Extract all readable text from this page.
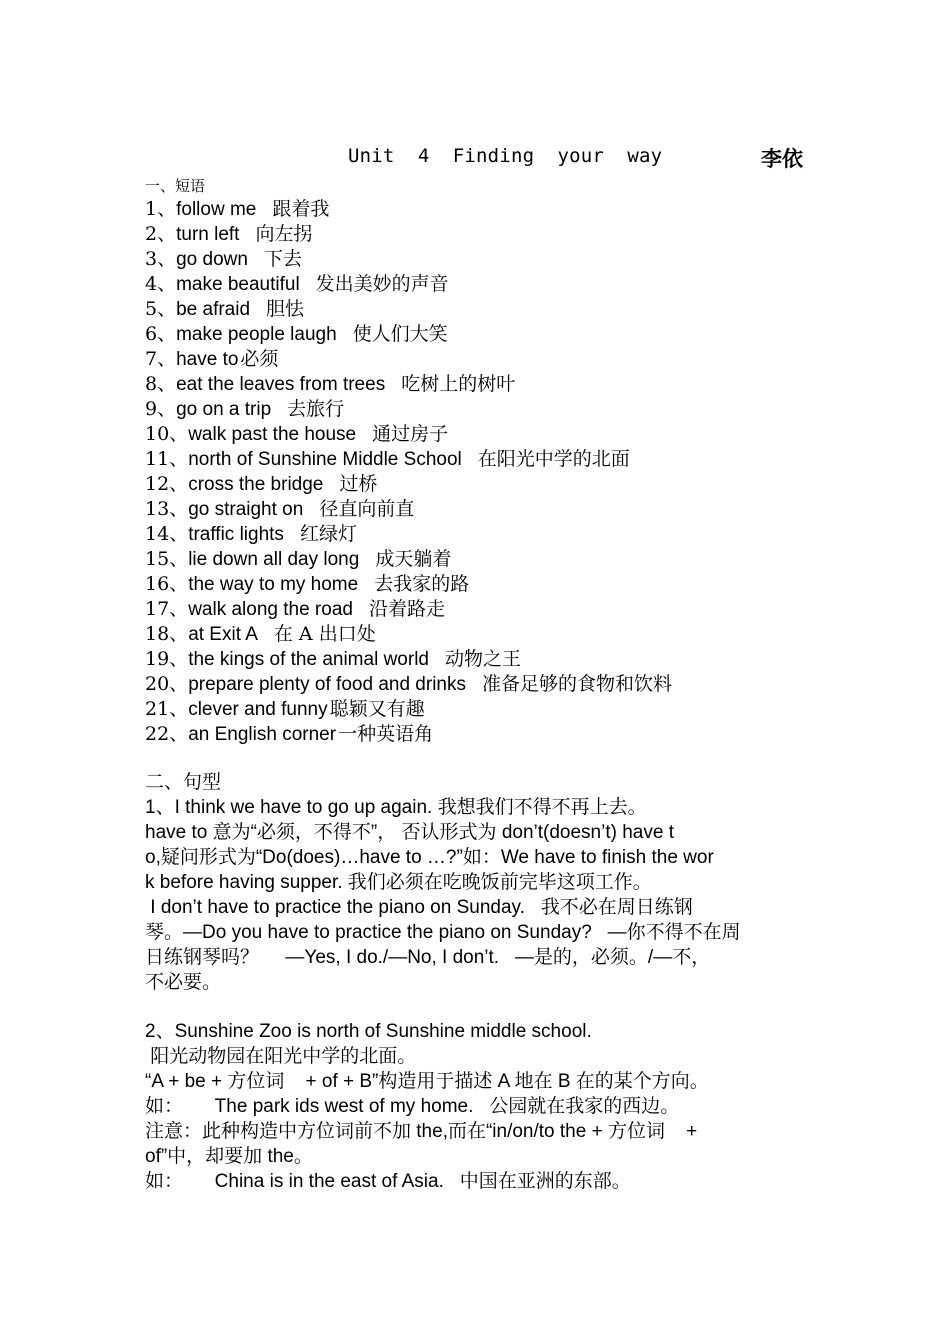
Unit  4  Finding  your  way	李依
一、短语
1、follow me 跟着我
2、turn left 向左拐
3、go down 下去
4、make beautiful 发出美妙的声音
5、be afraid 胆怯
6、make people laugh 使人们大笑
7、have to 必须
8、eat the leaves from trees 吃树上的树叶
9、go on a trip 去旅行
10、walk past the house 通过房子
11、north of Sunshine Middle School 在阳光中学的北面
12、cross the bridge 过桥
13、go straight on 径直向前直
14、traffic lights 红绿灯
15、lie down all day long 成天躺着
16、the way to my home 去我家的路
17、walk along the road 沿着路走
18、at Exit A 在 A 出口处
19、the kings of the animal world 动物之王
20、prepare plenty of food and drinks 准备足够的食物和饮料
21、clever and funny 聪颖又有趣
22、an English corner 一种英语角

二、句型

1、I think we have to go up again. 我想我们不得不再上去。

have to 意为“必须，不得不”， 否认形式为 don’t(doesn’t) have t

o,疑问形式为“Do(does)…have to …?”如：We have to finish the wor

k before having supper. 我们必须在吃晚饭前完毕这项工作。

I don’t have to practice the piano on Sunday.   我不必在周日练钢

琴。—Do you have to practice the piano on Sunday?   —你不得不在周

日练钢琴吗？     —Yes, I do./—No, I don’t.   —是的，必须。/—不，

不必要。

2、Sunshine Zoo is north of Sunshine middle school.

阳光动物园在阳光中学的北面。

“A + be + 方位词    + of + B”构造用于描述 A 地在 B 在的某个方向。

如：      The park ids west of my home.   公园就在我家的西边。

注意：此种构造中方位词前不加 the,而在“in/on/to the + 方位词    +

of”中，却要加 the。

如：      China is in the east of Asia.   中国在亚洲的东部。
